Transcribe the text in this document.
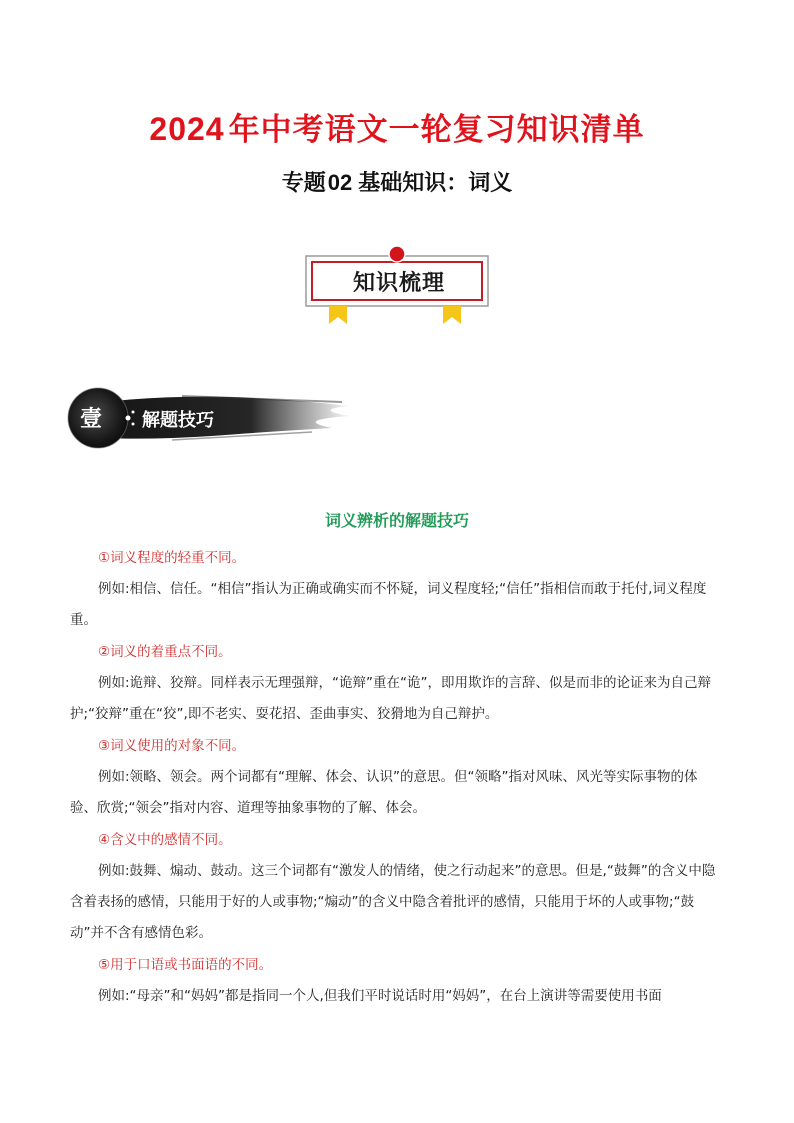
2024 年中考语文一轮复习知识清单
专题02 基础知识：词义
知识梳理
壹 解题技巧
词义辨析的解题技巧

①词义程度的轻重不同。

例如:相信、信任。“相信”指认为正确或确实而不怀疑，词义程度轻;“信任”指相信而敢于托付,词义程度重。

②词义的着重点不同。

例如:诡辩、狡辩。同样表示无理强辩，“诡辩”重在“诡”，即用欺诈的言辞、似是而非的论证来为自己辩护;“狡辩”重在“狡”,即不老实、耍花招、歪曲事实、狡猾地为自己辩护。

③词义使用的对象不同。

例如:领略、领会。两个词都有“理解、体会、认识”的意思。但“领略”指对风味、风光等实际事物的体验、欣赏;“领会”指对内容、道理等抽象事物的了解、体会。

④含义中的感情不同。

例如:鼓舞、煽动、鼓动。这三个词都有“激发人的情绪，使之行动起来”的意思。但是,“鼓舞”的含义中隐含着表扬的感情，只能用于好的人或事物;“煽动”的含义中隐含着批评的感情，只能用于坏的人或事物;“鼓动”并不含有感情色彩。

⑤用于口语或书面语的不同。

例如:“母亲”和“妈妈”都是指同一个人,但我们平时说话时用“妈妈”，在台上演讲等需要使用书面
